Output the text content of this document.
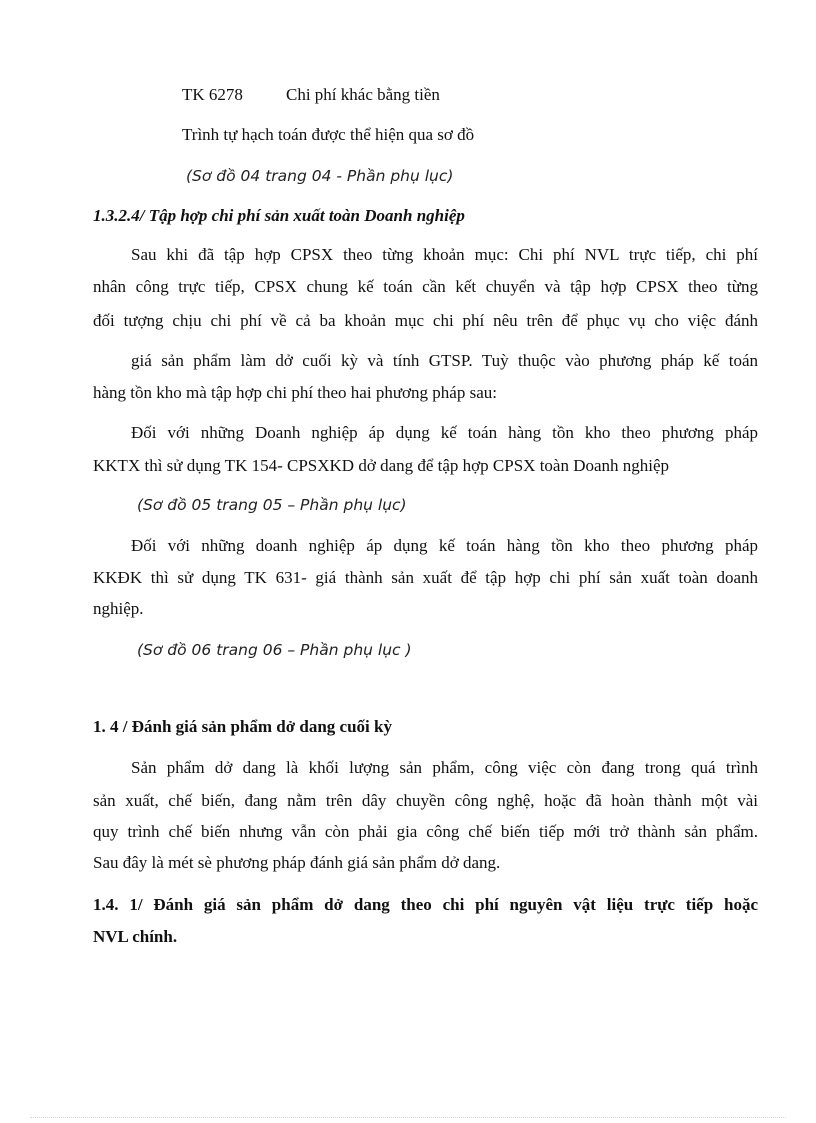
TK 6278	Chi phí khác bằng tiền
Trình tự hạch toán được thể hiện qua sơ đồ
(Sơ đồ 04 trang 04 - Phần phụ lục)
1.3.2.4/ Tập hợp chi phí sản xuất toàn Doanh nghiệp
Sau khi đã tập hợp CPSX theo từng khoản mục: Chi phí NVL trực tiếp, chi phí
nhân công trực tiếp, CPSX chung kế toán cần kết chuyển và tập hợp CPSX theo từng
đối tượng chịu chi phí về cả ba khoản mục chi phí nêu trên để phục vụ cho việc đánh
giá sản phẩm làm dở cuối kỳ và tính GTSP. Tuỳ thuộc vào phương pháp kế toán
hàng tồn kho mà tập hợp chi phí theo hai phương pháp sau:
Đối với những Doanh nghiệp áp dụng kế toán hàng tồn kho theo phương pháp
KKTX thì sử dụng TK 154- CPSXKD dở dang để tập hợp CPSX toàn Doanh nghiệp
(Sơ đồ 05 trang 05 – Phần phụ lục)
Đối với những doanh nghiệp áp dụng kế toán hàng tồn kho theo phương pháp
KKĐK thì sử dụng TK 631- giá thành sản xuất để tập hợp chi phí sản xuất toàn doanh
nghiệp.
(Sơ đồ 06 trang 06 – Phần phụ lục )
1. 4 / Đánh giá sản phẩm dở dang cuối kỳ
Sản phẩm dở dang là khối lượng sản phẩm, công việc còn đang trong quá trình
sản xuất, chế biến, đang nằm trên dây chuyền công nghệ, hoặc đã hoàn thành một vài
quy trình chế biến nhưng vẫn còn phải gia công chế biến tiếp mới trở thành sản phẩm.
Sau đây là mét sè phương pháp đánh giá sản phẩm dở dang.
1.4. 1/ Đánh giá sản phẩm dở dang theo chi phí nguyên vật liệu trực tiếp hoặc
NVL chính.
